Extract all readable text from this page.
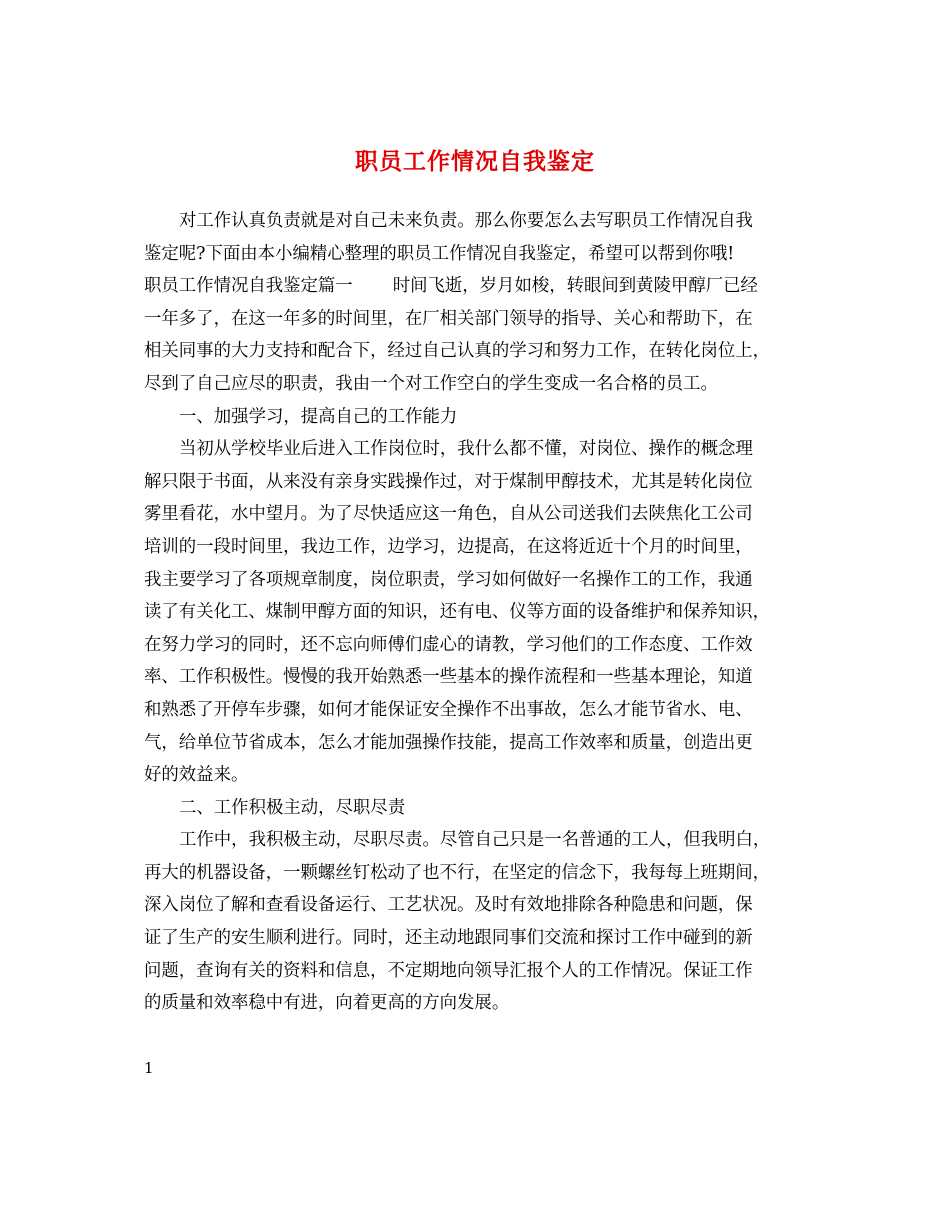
职员工作情况自我鉴定

对工作认真负责就是对自己未来负责。那么你要怎么去写职员工作情况自我

鉴定呢?下面由本小编精心整理的职员工作情况自我鉴定，希望可以帮到你哦!

职员工作情况自我鉴定篇一 时间飞逝，岁月如梭，转眼间到黄陵甲醇厂已经

一年多了，在这一年多的时间里，在厂相关部门领导的指导、关心和帮助下，在

相关同事的大力支持和配合下，经过自己认真的学习和努力工作，在转化岗位上，

尽到了自己应尽的职责，我由一个对工作空白的学生变成一名合格的员工。

一、加强学习，提高自己的工作能力

当初从学校毕业后进入工作岗位时，我什么都不懂，对岗位、操作的概念理

解只限于书面，从来没有亲身实践操作过，对于煤制甲醇技术，尤其是转化岗位

雾里看花，水中望月。为了尽快适应这一角色，自从公司送我们去陕焦化工公司

培训的一段时间里，我边工作，边学习，边提高，在这将近近十个月的时间里，

我主要学习了各项规章制度，岗位职责，学习如何做好一名操作工的工作，我通

读了有关化工、煤制甲醇方面的知识，还有电、仪等方面的设备维护和保养知识，

在努力学习的同时，还不忘向师傅们虚心的请教，学习他们的工作态度、工作效

率、工作积极性。慢慢的我开始熟悉一些基本的操作流程和一些基本理论，知道

和熟悉了开停车步骤，如何才能保证安全操作不出事故，怎么才能节省水、电、

气，给单位节省成本，怎么才能加强操作技能，提高工作效率和质量，创造出更

好的效益来。

二、工作积极主动，尽职尽责

工作中，我积极主动，尽职尽责。尽管自己只是一名普通的工人，但我明白，

再大的机器设备，一颗螺丝钉松动了也不行，在坚定的信念下，我每每上班期间，

深入岗位了解和查看设备运行、工艺状况。及时有效地排除各种隐患和问题，保

证了生产的安生顺利进行。同时，还主动地跟同事们交流和探讨工作中碰到的新

问题，查询有关的资料和信息，不定期地向领导汇报个人的工作情况。保证工作

的质量和效率稳中有进，向着更高的方向发展。

1
